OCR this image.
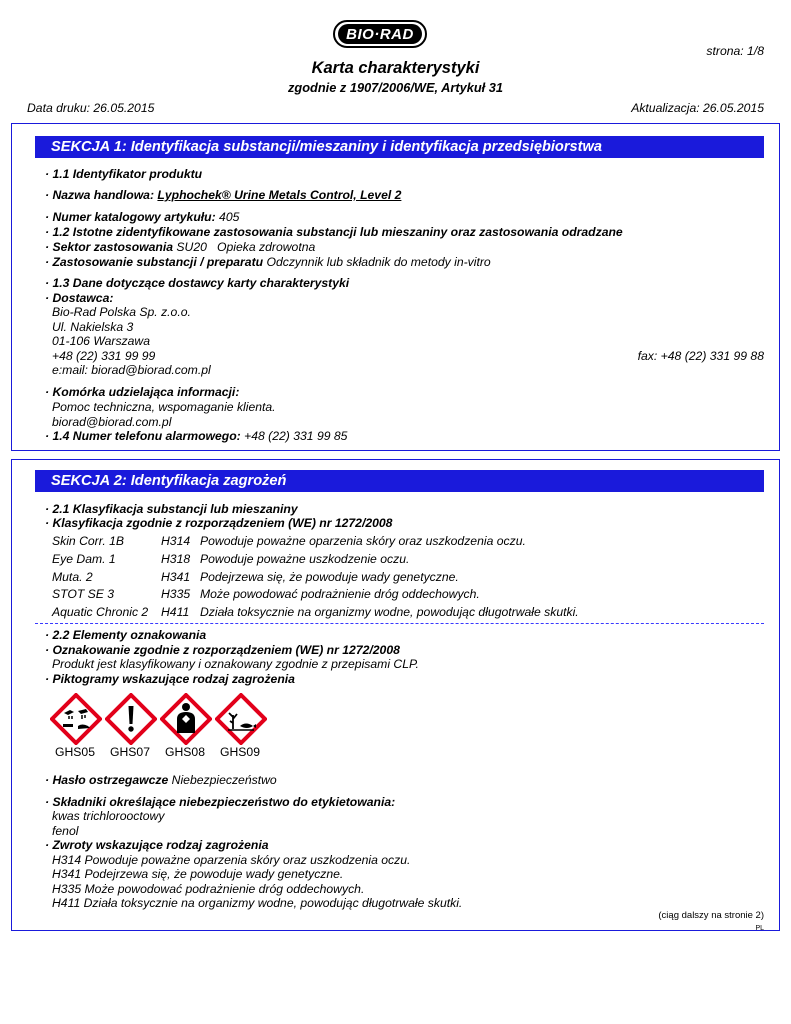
BIO·RAD
strona: 1/8
Karta charakterystyki
zgodnie z 1907/2006/WE, Artykuł 31
Data druku: 26.05.2015	Aktualizacja: 26.05.2015
SEKCJA 1: Identyfikacja substancji/mieszaniny i identyfikacja przedsiębiorstwa
· 1.1 Identyfikator produktu
· Nazwa handlowa: Lyphochek® Urine Metals Control, Level 2
· Numer katalogowy artykułu: 405
· 1.2 Istotne zidentyfikowane zastosowania substancji lub mieszaniny oraz zastosowania odradzane
· Sektor zastosowania SU20   Opieka zdrowotna
· Zastosowanie substancji / preparatu Odczynnik lub składnik do metody in-vitro
· 1.3 Dane dotyczące dostawcy karty charakterystyki
· Dostawca:
Bio-Rad Polska Sp. z.o.o.
Ul. Nakielska 3
01-106 Warszawa
+48 (22) 331 99 99	fax: +48 (22) 331 99 88
e:mail: biorad@biorad.com.pl
· Komórka udzielająca informacji:
Pomoc techniczna, wspomaganie klienta.
biorad@biorad.com.pl
· 1.4 Numer telefonu alarmowego: +48 (22) 331 99 85
SEKCJA 2: Identyfikacja zagrożeń
· 2.1 Klasyfikacja substancji lub mieszaniny
· Klasyfikacja zgodnie z rozporządzeniem (WE) nr 1272/2008
Skin Corr. 1B	H314 Powoduje poważne oparzenia skóry oraz uszkodzenia oczu.
Eye Dam. 1	H318 Powoduje poważne uszkodzenie oczu.
Muta. 2	H341 Podejrzewa się, że powoduje wady genetyczne.
STOT SE 3	H335 Może powodować podrażnienie dróg oddechowych.
Aquatic Chronic 2 H411 Działa toksycznie na organizmy wodne, powodując długotrwałe skutki.
· 2.2 Elementy oznakowania
· Oznakowanie zgodnie z rozporządzeniem (WE) nr 1272/2008
Produkt jest klasyfikowany i oznakowany zgodnie z przepisami CLP.
· Piktogramy wskazujące rodzaj zagrożenia
GHS05 GHS07 GHS08 GHS09
· Hasło ostrzegawcze Niebezpieczeństwo
· Składniki określające niebezpieczeństwo do etykietowania:
kwas trichlorooctowy
fenol
· Zwroty wskazujące rodzaj zagrożenia
H314 Powoduje poważne oparzenia skóry oraz uszkodzenia oczu.
H341 Podejrzewa się, że powoduje wady genetyczne.
H335 Może powodować podrażnienie dróg oddechowych.
H411 Działa toksycznie na organizmy wodne, powodując długotrwałe skutki.
(ciąg dalszy na stronie 2)
PL
